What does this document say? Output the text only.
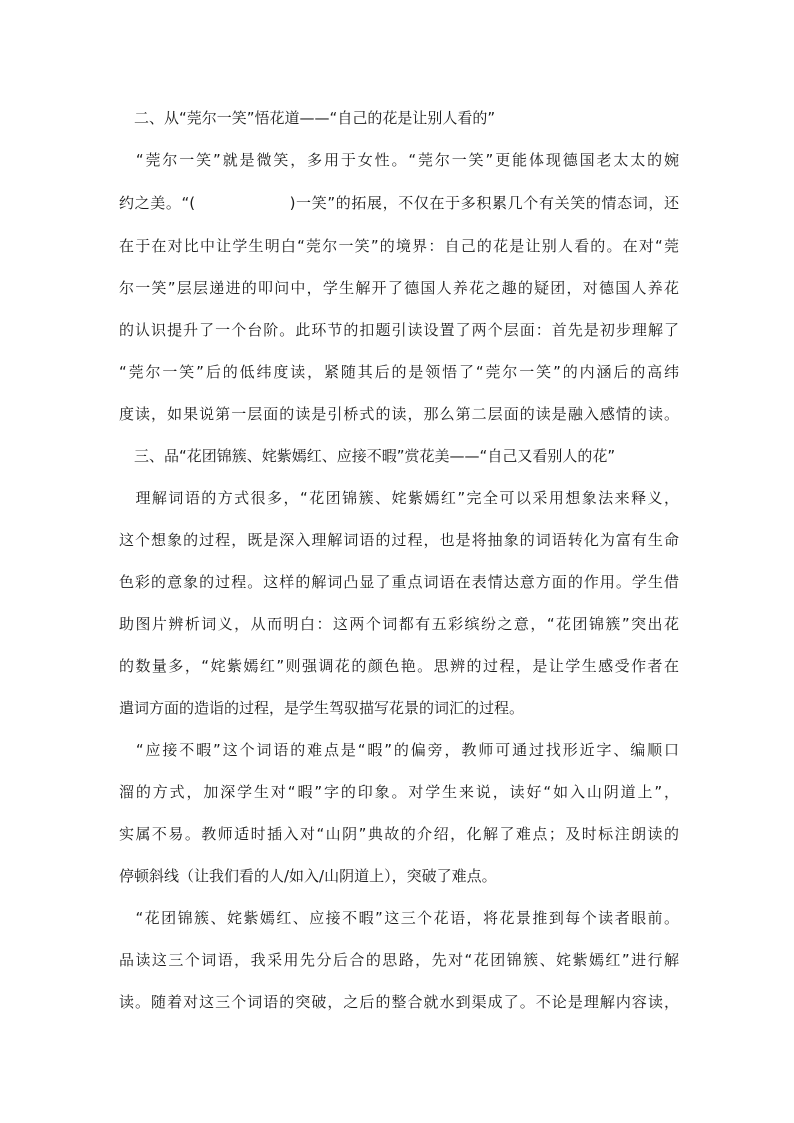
　二、从“莞尔一笑”悟花道——“自己的花是让别人看的”
　“莞尔一笑”就是微笑，多用于女性。“莞尔一笑”更能体现德国老太太的婉
约之美。“(　　　　　　)一笑”的拓展，不仅在于多积累几个有关笑的情态词，还
在于在对比中让学生明白“莞尔一笑”的境界：自己的花是让别人看的。在对“莞
尔一笑”层层递进的叩问中，学生解开了德国人养花之趣的疑团，对德国人养花
的认识提升了一个台阶。此环节的扣题引读设置了两个层面：首先是初步理解了
“莞尔一笑”后的低纬度读，紧随其后的是领悟了“莞尔一笑”的内涵后的高纬
度读，如果说第一层面的读是引桥式的读，那么第二层面的读是融入感情的读。
　三、品“花团锦簇、姹紫嫣红、应接不暇”赏花美——“自己又看别人的花”
　理解词语的方式很多，“花团锦簇、姹紫嫣红”完全可以采用想象法来释义，
这个想象的过程，既是深入理解词语的过程，也是将抽象的词语转化为富有生命
色彩的意象的过程。这样的解词凸显了重点词语在表情达意方面的作用。学生借
助图片辨析词义，从而明白：这两个词都有五彩缤纷之意，“花团锦簇”突出花
的数量多，“姹紫嫣红”则强调花的颜色艳。思辨的过程，是让学生感受作者在
遣词方面的造诣的过程，是学生驾驭描写花景的词汇的过程。
　“应接不暇”这个词语的难点是“暇”的偏旁，教师可通过找形近字、编顺口
溜的方式，加深学生对“暇”字的印象。对学生来说，读好“如入山阴道上”，
实属不易。教师适时插入对“山阴”典故的介绍，化解了难点；及时标注朗读的
停顿斜线（让我们看的人/如入/山阴道上），突破了难点。
　“花团锦簇、姹紫嫣红、应接不暇”这三个花语，将花景推到每个读者眼前。
品读这三个词语，我采用先分后合的思路，先对“花团锦簇、姹紫嫣红”进行解
读。随着对这三个词语的突破，之后的整合就水到渠成了。不论是理解内容读，
